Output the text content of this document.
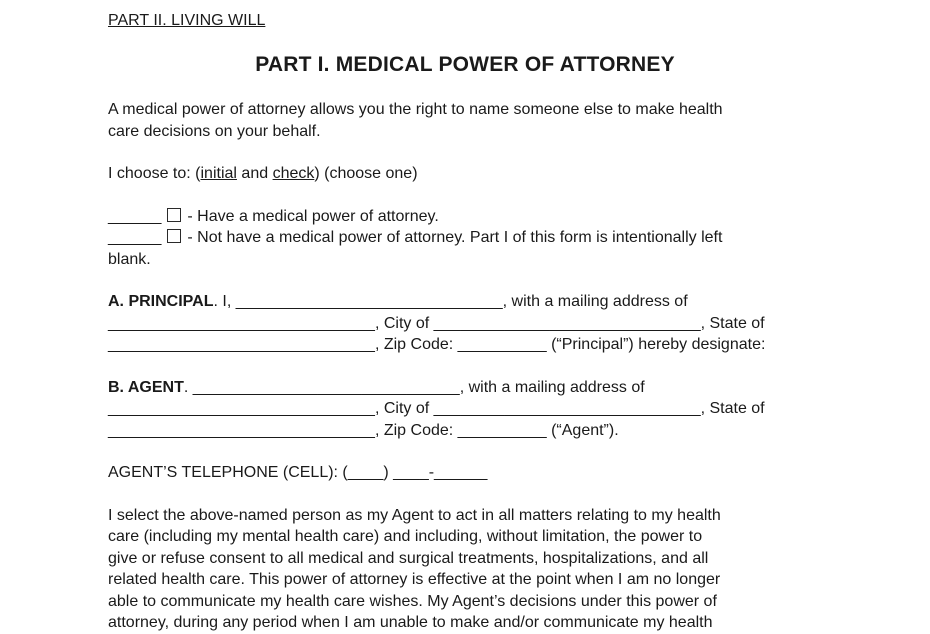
PART II. LIVING WILL
PART I. MEDICAL POWER OF ATTORNEY

A medical power of attorney allows you the right to name someone else to make health
care decisions on your behalf.

I choose to: (initial and check) (choose one)

______ - Have a medical power of attorney.
______ - Not have a medical power of attorney. Part I of this form is intentionally left
blank.

A. PRINCIPAL. I, ______________________________, with a mailing address of
______________________________, City of ______________________________, State of
______________________________, Zip Code: __________ (“Principal”) hereby designate:

B. AGENT. ______________________________, with a mailing address of
______________________________, City of ______________________________, State of
______________________________, Zip Code: __________ (“Agent”).

AGENT’S TELEPHONE (CELL): (____) ____-______

I select the above-named person as my Agent to act in all matters relating to my health
care (including my mental health care) and including, without limitation, the power to
give or refuse consent to all medical and surgical treatments, hospitalizations, and all
related health care. This power of attorney is effective at the point when I am no longer
able to communicate my health care wishes. My Agent’s decisions under this power of
attorney, during any period when I am unable to make and/or communicate my health
